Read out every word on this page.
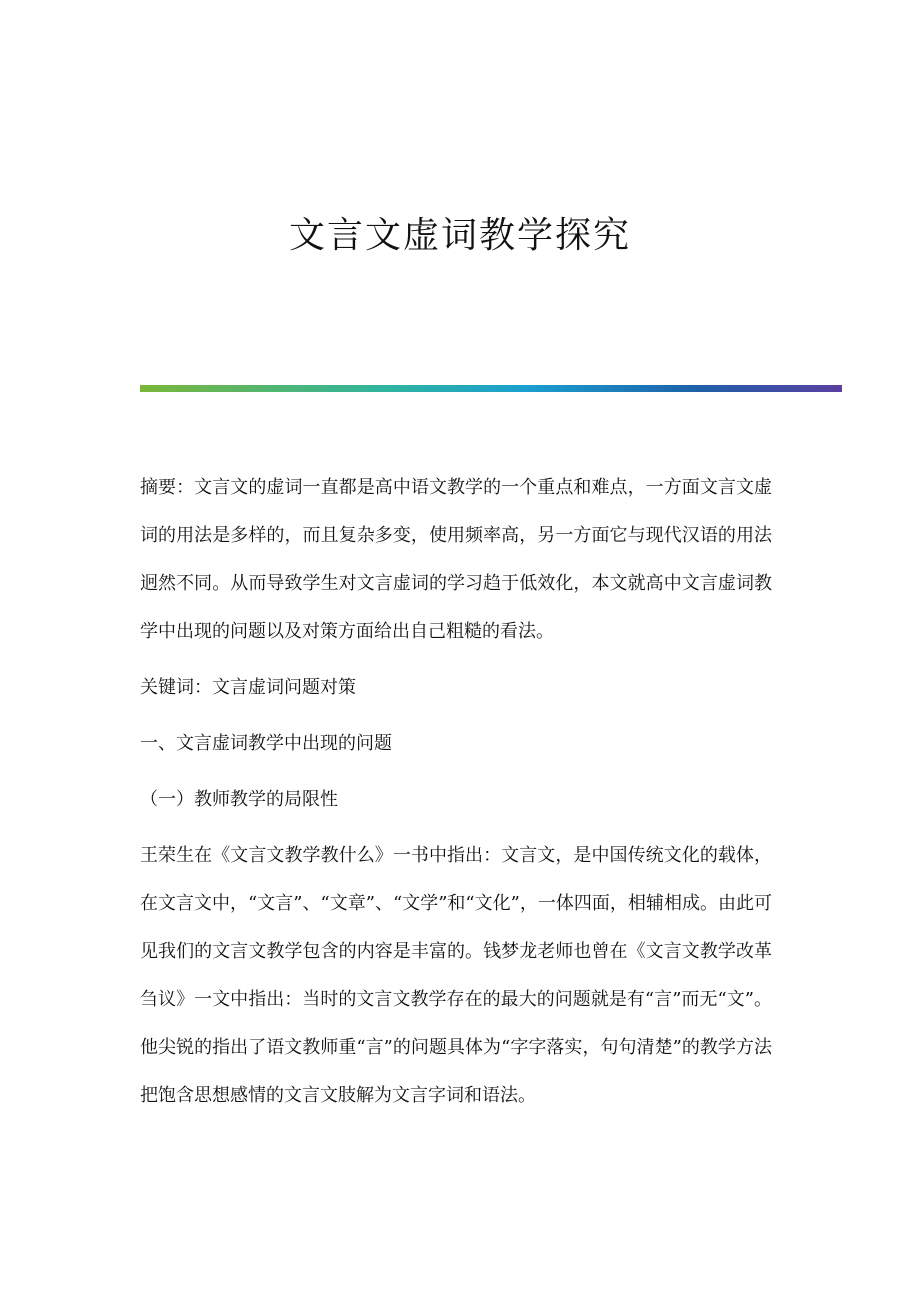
文言文虚词教学探究

摘要：文言文的虚词一直都是高中语文教学的一个重点和难点，一方面文言文虚词的用法是多样的，而且复杂多变，使用频率高，另一方面它与现代汉语的用法迥然不同。从而导致学生对文言虚词的学习趋于低效化，本文就高中文言虚词教学中出现的问题以及对策方面给出自己粗糙的看法。

关键词：文言虚词问题对策

一、文言虚词教学中出现的问题

（一）教师教学的局限性

王荣生在《文言文教学教什么》一书中指出：文言文，是中国传统文化的载体，在文言文中，“文言”、“文章”、“文学”和“文化”，一体四面，相辅相成。由此可见我们的文言文教学包含的内容是丰富的。钱梦龙老师也曾在《文言文教学改革刍议》一文中指出：当时的文言文教学存在的最大的问题就是有“言”而无“文”。他尖锐的指出了语文教师重“言”的问题具体为“字字落实，句句清楚”的教学方法把饱含思想感情的文言文肢解为文言字词和语法。
